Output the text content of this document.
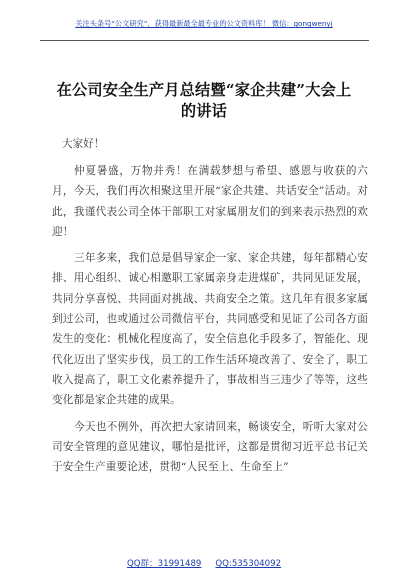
关注头条号“公文研究”，获得最新最全最专业的公文资料库！ 微信：gongwenyj
在公司安全生产月总结暨“家企共建”大会上的讲话

大家好！

仲夏暑盛，万物并秀！在满载梦想与希望、感恩与收获的六月，今天，我们再次相聚这里开展“家企共建、共话安全”活动。对此，我谨代表公司全体干部职工对家属朋友们的到来表示热烈的欢迎！

三年多来，我们总是倡导家企一家、家企共建，每年都精心安排、用心组织、诚心相邀职工家属亲身走进煤矿，共同见证发展，共同分享喜悦、共同面对挑战、共商安全之策。这几年有很多家属到过公司，也或通过公司微信平台，共同感受和见证了公司各方面发生的变化：机械化程度高了，安全信息化手段多了，智能化、现代化迈出了坚实步伐，员工的工作生活环境改善了、安全了，职工收入提高了，职工文化素养提升了，事故相当三违少了等等，这些变化都是家企共建的成果。

今天也不例外，再次把大家请回来，畅谈安全，听听大家对公司安全管理的意见建议，哪怕是批评，这都是贯彻习近平总书记关于安全生产重要论述，贯彻“人民至上、生命至上”

QQ群：31991489 QQ:535304092
